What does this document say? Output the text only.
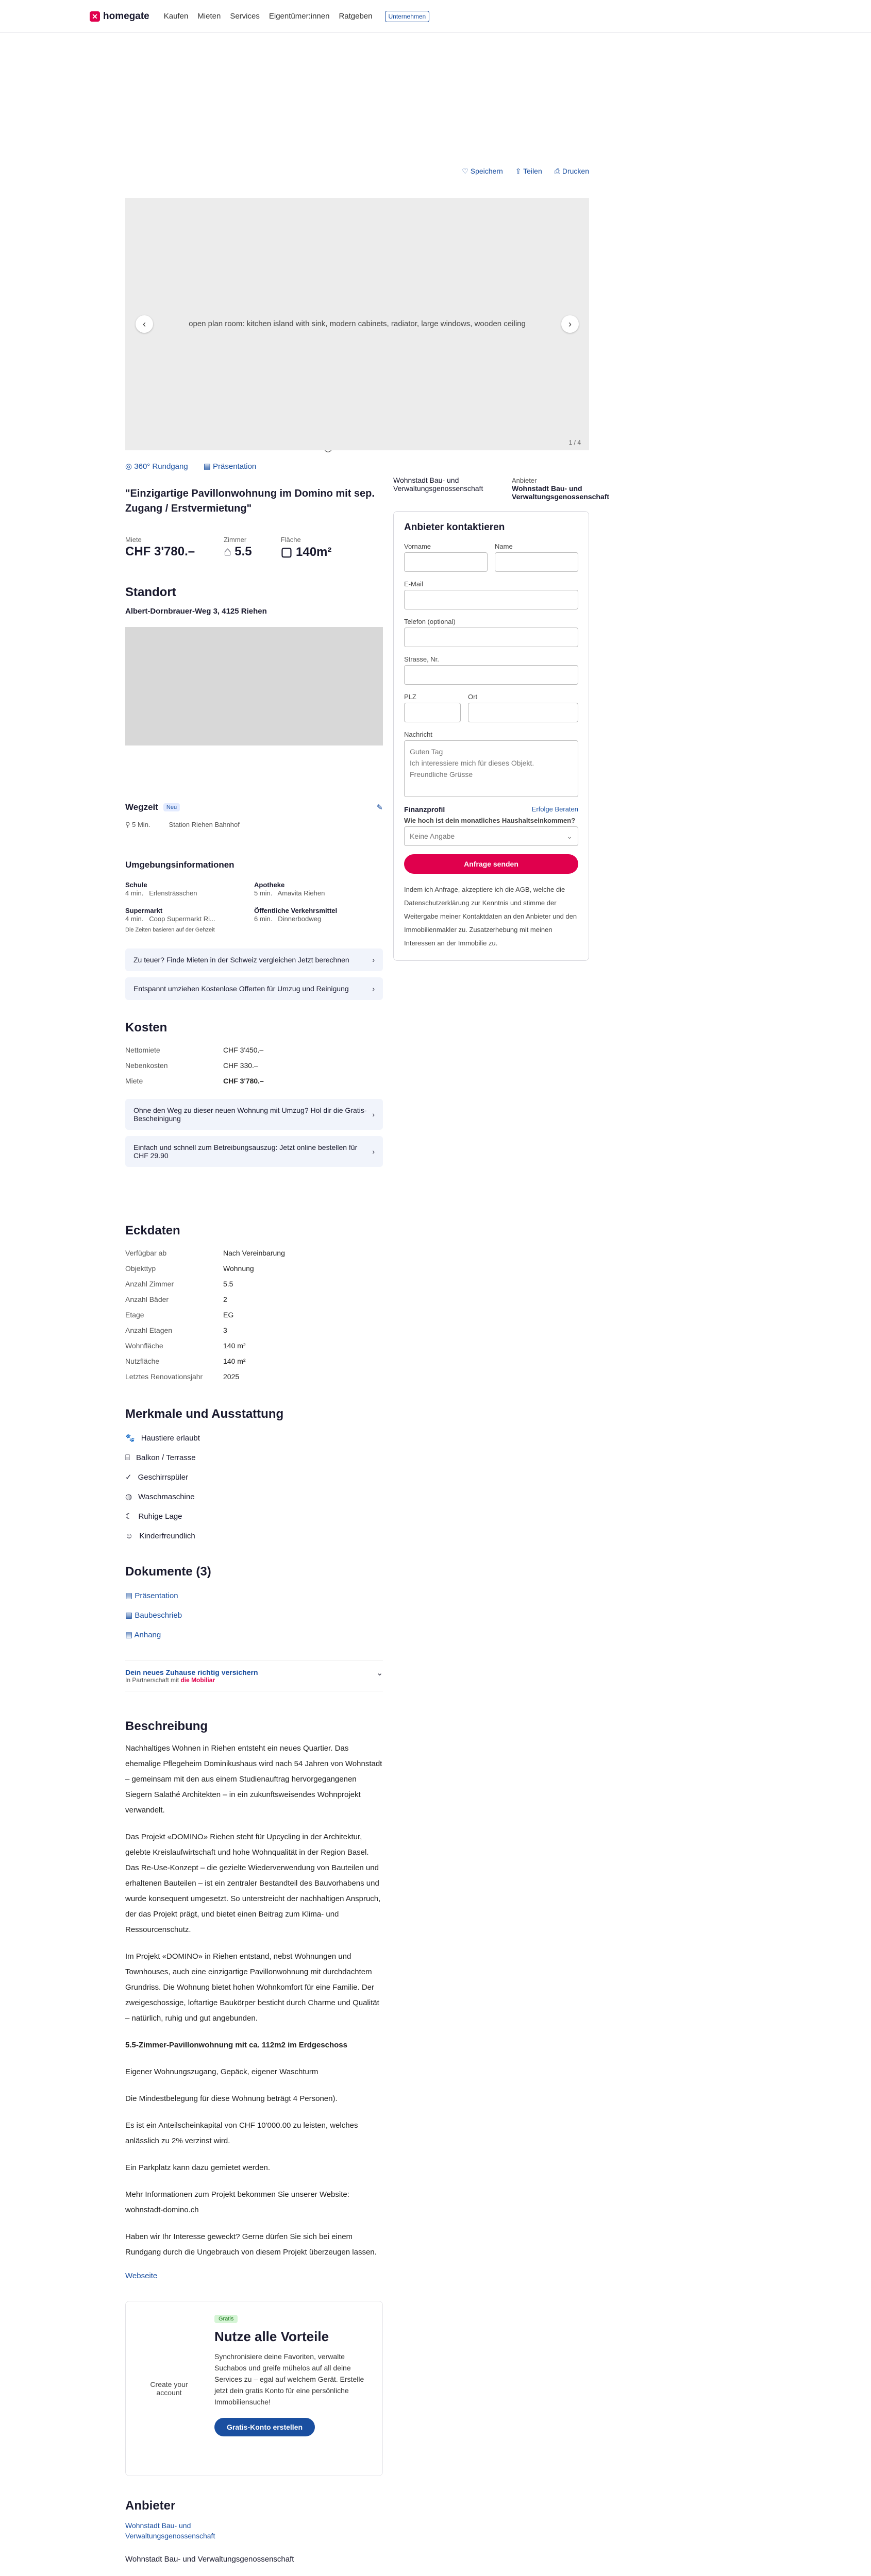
✕ homegate Kaufen Mieten Services Eigentümer:innen Ratgeben	Unternehmen
♡ Speichern ⇪ Teilen ⎙ Drucken
open plan room: kitchen island with sink, modern cabinets, radiator, large windows, wooden ceiling
‹	›
1 / 4
◎ 360° Rundgang ▤ Präsentation
Wohnstadt Bau- und Verwaltungsgenossenschaft
Anbieter
Wohnstadt Bau- und Verwaltungsgenossenschaft
Anbieter kontaktieren
Vorname	Name
E-Mail
Telefon (optional)
Strasse, Nr.
PLZ	Ort
Nachricht
Guten Tag
Ich interessiere mich für dieses Objekt.
Freundliche Grüsse
Finanzprofil	Erfolge Beraten
Wie hoch ist dein monatliches Haushaltseinkommen?
Keine Angabe	⌄
Anfrage senden
Indem ich Anfrage, akzeptiere ich die AGB, welche die Datenschutzerklärung zur Kenntnis und stimme der Weitergabe meiner Kontaktdaten an den Anbieter und den Immobilienmakler zu. Zusatzerhebung mit meinen Interessen an der Immobilie zu.
"Einzigartige Pavillonwohnung im Domino mit sep. Zugang / Erstvermietung"
Miete
CHF 3'780.–
Zimmer
⌂ 5.5
Fläche
▢ 140m²
Standort
Albert-Dornbrauer-Weg 3, 4125 Riehen
Wegzeit	Neu	✎
⚲ 5 Min.	Station Riehen Bahnhof
Umgebungsinformationen
Schule
4 min. Erlensträsschen
Apotheke
5 min. Amavita Riehen
Supermarkt
4 min. Coop Supermarkt Ri...
Öffentliche Verkehrsmittel
6 min. Dinnerbodweg
Die Zeiten basieren auf der Gehzeit
Zu teuer? Finde Mieten in der Schweiz vergleichen Jetzt berechnen	›
Entspannt umziehen Kostenlose Offerten für Umzug und Reinigung	›
Kosten
Nettomiete	CHF 3'450.–
Nebenkosten	CHF 330.–
Miete	CHF 3'780.–
Ohne den Weg zu dieser neuen Wohnung mit Umzug? Hol dir die Gratis-Bescheinigung	›
Einfach und schnell zum Betreibungsauszug: Jetzt online bestellen für CHF 29.90	›
Eckdaten
Verfügbar ab	Nach Vereinbarung
Objekttyp	Wohnung
Anzahl Zimmer	5.5
Anzahl Bäder	2
Etage	EG
Anzahl Etagen	3
Wohnfläche	140 m²
Nutzfläche	140 m²
Letztes Renovationsjahr	2025
Merkmale und Ausstattung
🐾 Haustiere erlaubt
⌸ Balkon / Terrasse
✓ Geschirrspüler
◍ Waschmaschine
☾ Ruhige Lage
☺ Kinderfreundlich
Dokumente (3)
▤ Präsentation
▤ Baubeschrieb
▤ Anhang
Dein neues Zuhause richtig versichern
In Partnerschaft mit die Mobiliar
⌄
Beschreibung
Nachhaltiges Wohnen in Riehen entsteht ein neues Quartier. Das ehemalige Pflegeheim Dominikushaus wird nach 54 Jahren von Wohnstadt – gemeinsam mit den aus einem Studienauftrag hervorgegangenen Siegern Salathé Architekten – in ein zukunftsweisendes Wohnprojekt verwandelt.
Das Projekt «DOMINO» Riehen steht für Upcycling in der Architektur, gelebte Kreislaufwirtschaft und hohe Wohnqualität in der Region Basel. Das Re-Use-Konzept – die gezielte Wiederverwendung von Bauteilen und erhaltenen Bauteilen – ist ein zentraler Bestandteil des Bauvorhabens und wurde konsequent umgesetzt. So unterstreicht der nachhaltigen Anspruch, der das Projekt prägt, und bietet einen Beitrag zum Klima- und Ressourcenschutz.
Im Projekt «DOMINO» in Riehen entstand, nebst Wohnungen und Townhouses, auch eine einzigartige Pavillonwohnung mit durchdachtem Grundriss. Die Wohnung bietet hohen Wohnkomfort für eine Familie. Der zweigeschossige, loftartige Baukörper besticht durch Charme und Qualität – natürlich, ruhig und gut angebunden.
5.5-Zimmer-Pavillonwohnung mit ca. 112m2 im Erdgeschoss
Eigener Wohnungszugang, Gepäck, eigener Waschturm
Die Mindestbelegung für diese Wohnung beträgt 4 Personen).
Es ist ein Anteilscheinkapital von CHF 10'000.00 zu leisten, welches anlässlich zu 2% verzinst wird.
Ein Parkplatz kann dazu gemietet werden.
Mehr Informationen zum Projekt bekommen Sie unserer Website: wohnstadt-domino.ch
Haben wir Ihr Interesse geweckt? Gerne dürfen Sie sich bei einem Rundgang durch die Ungebrauch von diesem Projekt überzeugen lassen.
Webseite
Create your account
Gratis
Nutze alle Vorteile
Synchronisiere deine Favoriten, verwalte Suchabos und greife mühelos auf all deine Services zu – egal auf welchem Gerät. Erstelle jetzt dein gratis Konto für eine persönliche Immobiliensuche!
Gratis-Konto erstellen
Anbieter
Wohnstadt Bau- und Verwaltungsgenossenschaft
Wohnstadt Bau- und Verwaltungsgenossenschaft
